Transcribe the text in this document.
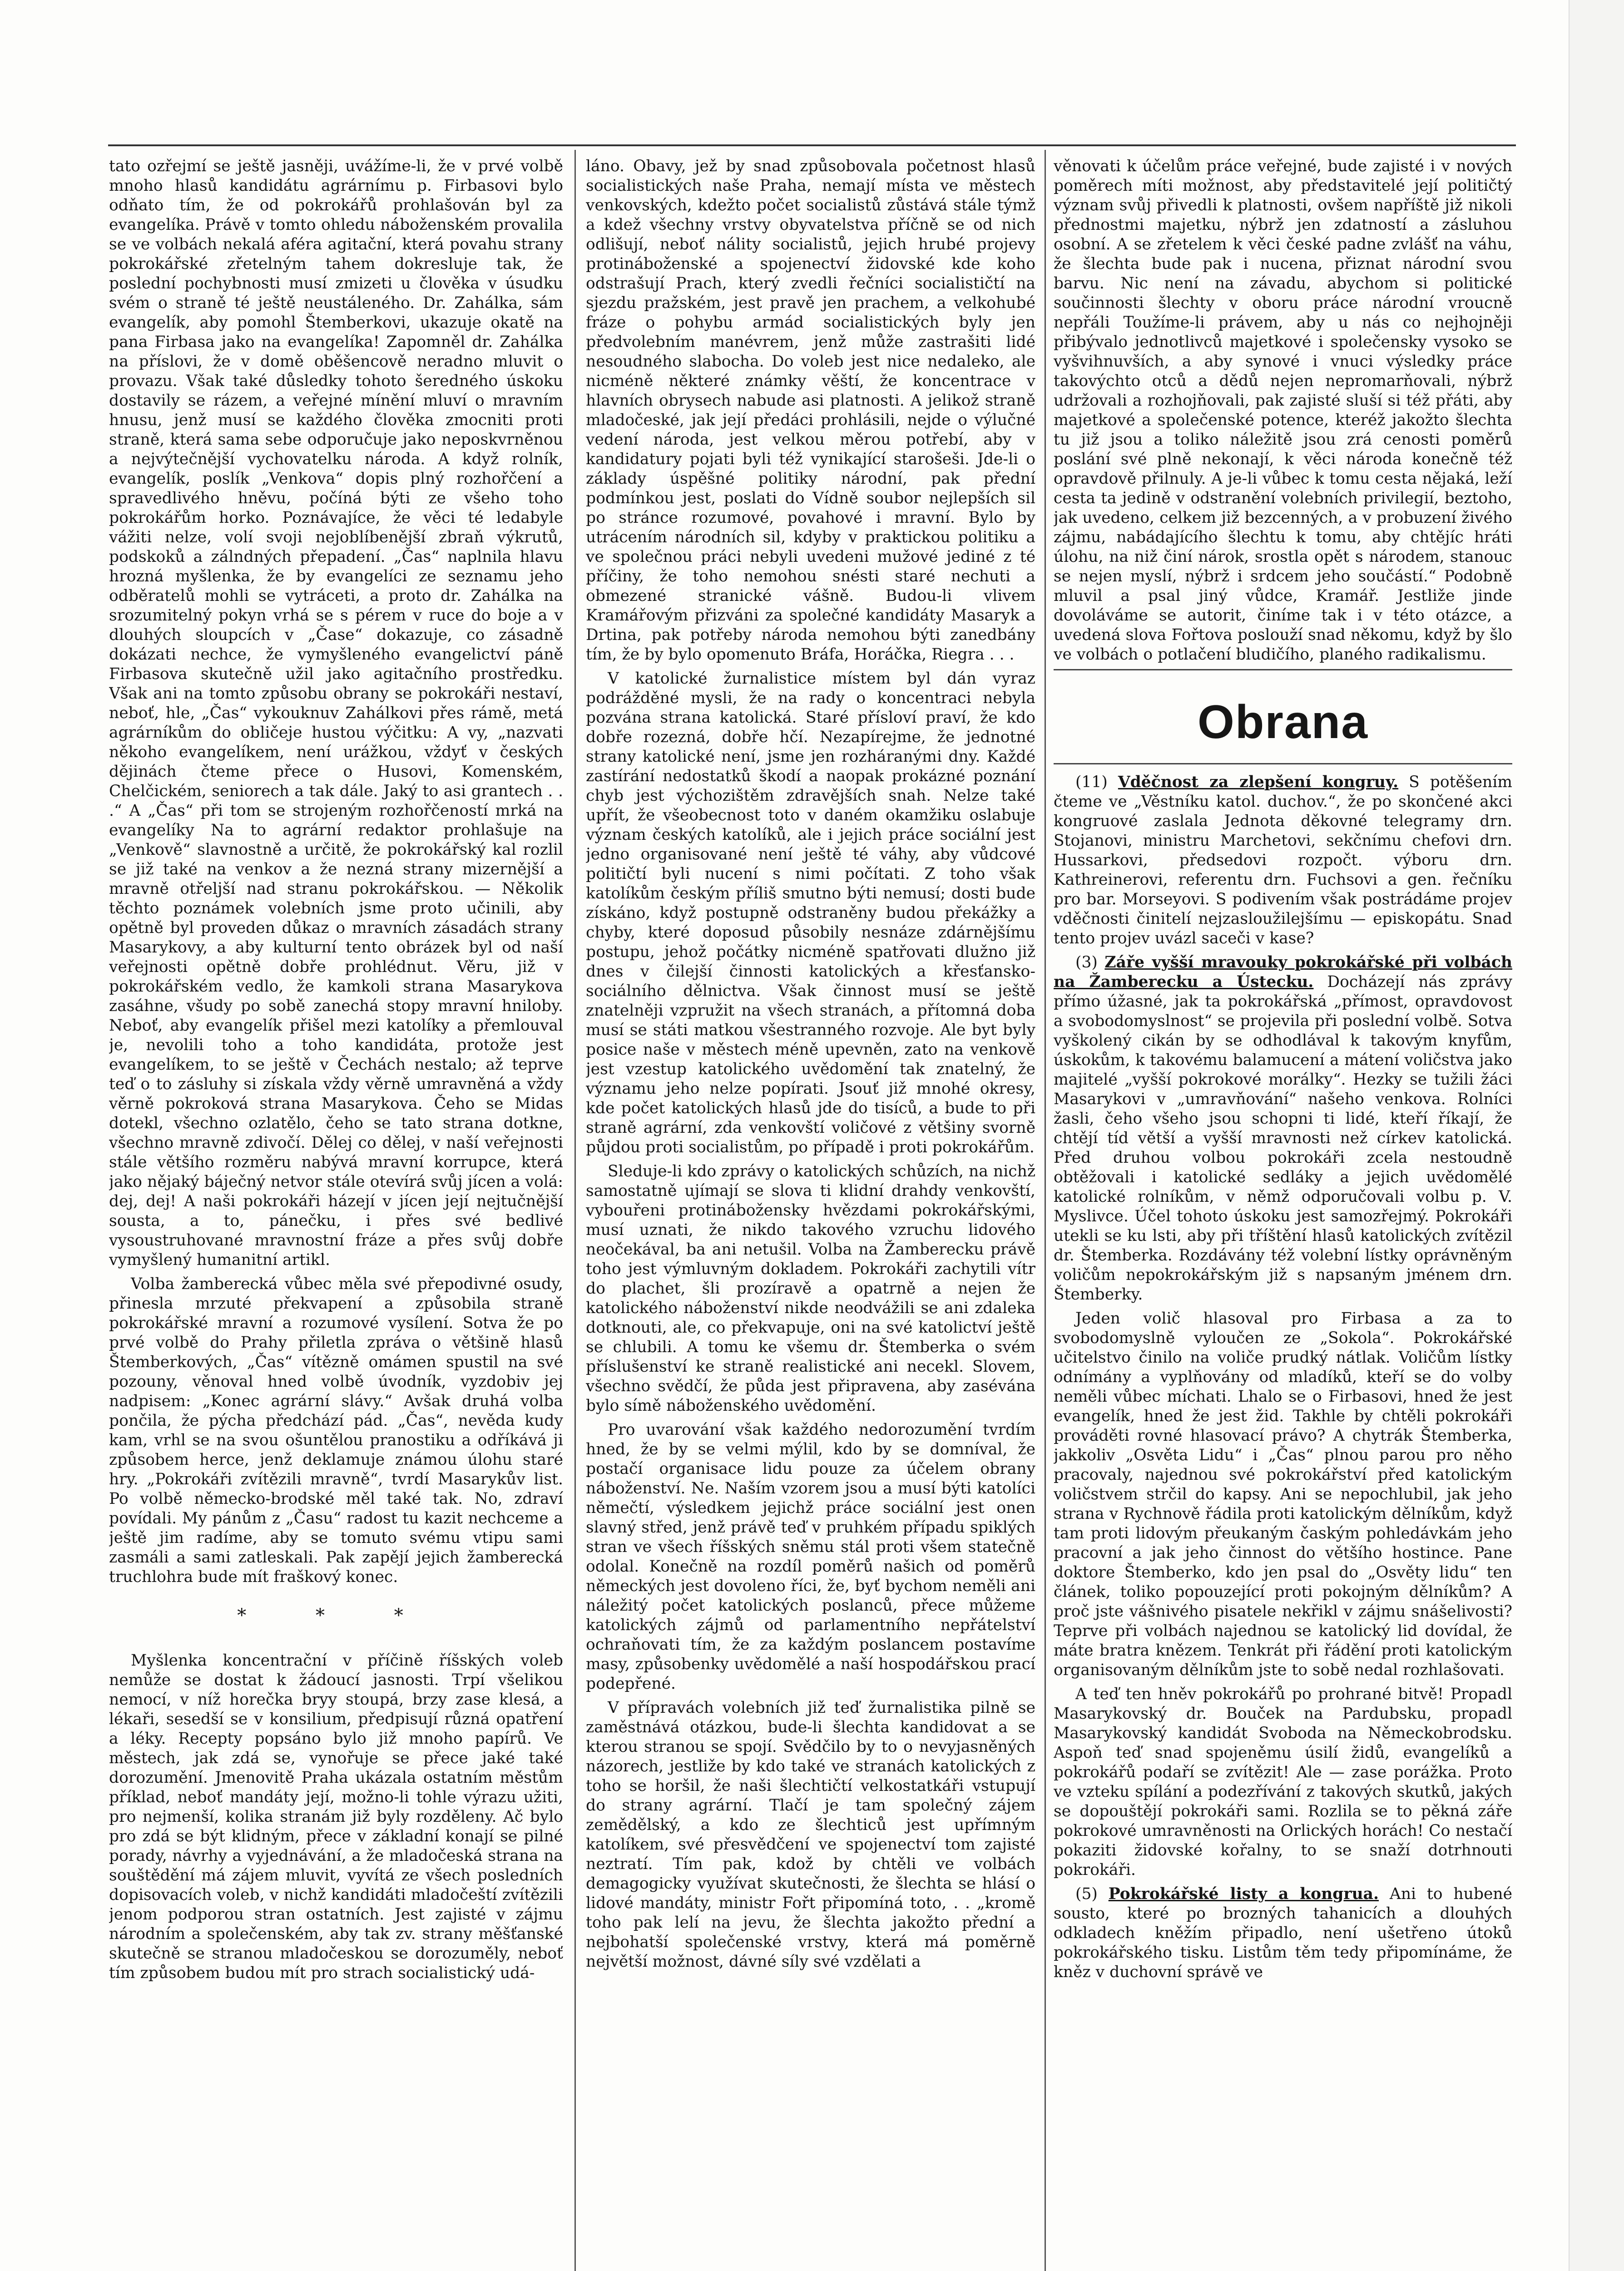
tato ozřejmí se ještě jasněji, uvážíme-li, že v prvé volbě mnoho hlasů kandidátu agrárnímu p. Firbasovi bylo odňato tím, že od pokrokářů prohlašován byl za evangelíka. Právě v tomto ohledu náboženském provalila se ve volbách nekalá aféra agitační, která povahu strany pokrokářské zřetelným tahem dokresluje tak, že poslední pochybnosti musí zmizeti u člověka v úsudku svém o straně té ještě neustáleného. Dr. Zahálka, sám evangelík, aby pomohl Štemberkovi, ukazuje okatě na pana Firbasa jako na evangelíka! Zapomněl dr. Zahálka na příslovi, že v domě oběšencově neradno mluvit o provazu. Však také důsledky tohoto šeredného úskoku dostavily se rázem, a veřejné mínění mluví o mravním hnusu, jenž musí se každého člověka zmocniti proti straně, která sama sebe odporučuje jako neposkvrněnou a nejvýtečnější vychovatelku národa. A když rolník, evangelík, poslík „Venkova“ dopis plný rozhořčení a spravedlivého hněvu, počíná býti ze všeho toho pokrokářům horko. Poznávajíce, že věci té ledabyle vážiti nelze, volí svoji nejoblíbenější zbraň výkrutů, podskoků a zálndných přepadení. „Čas“ naplnila hlavu hrozná myšlenka, že by evangelíci ze seznamu jeho odběratelů mohli se vytráceti, a proto dr. Zahálka na srozumitelný pokyn vrhá se s pérem v ruce do boje a v dlouhých sloupcích v „Čase“ dokazuje, co zásadně dokázati nechce, že vymyšleného evangelictví páně Firbasova skutečně užil jako agitačního prostředku. Však ani na tomto způsobu obrany se pokrokáři nestaví, neboť, hle, „Čas“ vykouknuv Zahálkovi přes rámě, metá agrárníkům do obličeje hustou výčitku: A vy, „nazvati někoho evangelíkem, není urážkou, vždyť v českých dějinách čteme přece o Husovi, Komenském, Chelčickém, seniorech a tak dále. Jaký to asi grantech . . .“ A „Čas“ při tom se strojeným rozhořčeností mrká na evangelíky Na to agrární redaktor prohlašuje na „Venkově“ slavnostně a určitě, že pokrokářský kal rozlil se již také na venkov a že nezná strany mizernější a mravně otřeljší nad stranu pokrokářskou. — Několik těchto poznámek volebních jsme proto učinili, aby opětně byl proveden důkaz o mravních zásadách strany Masarykovy, a aby kulturní tento obrázek byl od naší veřejnosti opětně dobře prohlédnut. Věru, již v pokrokářském vedlo, že kamkoli strana Masarykova zasáhne, všudy po sobě zanechá stopy mravní hniloby. Neboť, aby evangelík přišel mezi katolíky a přemlouval je, nevolili toho a toho kandidáta, protože jest evangelíkem, to se ještě v Čechách nestalo; až teprve teď o to zásluhy si získala vždy věrně umravněná a vždy věrně pokroková strana Masarykova. Čeho se Midas dotekl, všechno ozlatělo, čeho se tato strana dotkne, všechno mravně zdivočí. Dělej co dělej, v naší veřejnosti stále většího rozměru nabývá mravní korrupce, která jako nějaký báječný netvor stále otevírá svůj jícen a volá: dej, dej! A naši pokrokáři házejí v jícen její nejtučnější sousta, a to, pánečku, i přes své bedlivé vysoustruhované mravnostní fráze a přes svůj dobře vymyšlený humanitní artikl.

Volba žamberecká vůbec měla své přepodivné osudy, přinesla mrzuté překvapení a způsobila straně pokrokářské mravní a rozumové vysílení. Sotva že po prvé volbě do Prahy přiletla zpráva o většině hlasů Štemberkových, „Čas“ vítězně omámen spustil na své pozouny, věnoval hned volbě úvodník, vyzdobiv jej nadpisem: „Konec agrární slávy.“ Avšak druhá volba pončila, že pýcha předchází pád. „Čas“, nevěda kudy kam, vrhl se na svou ošuntělou pranostiku a odříkává ji způsobem herce, jenž deklamuje známou úlohu staré hry. „Pokrokáři zvítězili mravně“, tvrdí Masarykův list. Po volbě německo-brodské měl také tak. No, zdraví povídali. My pánům z „Času“ radost tu kazit nechceme a ještě jim radíme, aby se tomuto svému vtipu sami zasmáli a sami zatleskali. Pak zapějí jejich žamberecká truchlohra bude mít fraškový konec.

* * *

Myšlenka koncentrační v příčině říšských voleb nemůže se dostat k žádoucí jasnosti. Trpí všelikou nemocí, v níž horečka bryy stoupá, brzy zase klesá, a lékaři, sesedší se v konsilium, předpisují různá opatření a léky. Recepty popsáno bylo již mnoho papírů. Ve městech, jak zdá se, vynořuje se přece jaké také dorozumění. Jmenovitě Praha ukázala ostatním městům příklad, neboť mandáty její, možno-li tohle výrazu užiti, pro nejmenší, kolika stranám již byly rozděleny. Ač bylo pro zdá se být klidným, přece v základní konají se pilné porady, návrhy a vyjednávání, a že mladočeská strana na souštědění má zájem mluvit, vyvítá ze všech posledních dopisovacích voleb, v nichž kandidáti mladočeští zvítězili jenom podporou stran ostatních. Jest zajisté v zájmu národním a společenském, aby tak zv. strany měšťanské skutečně se stranou mladočeskou se dorozuměly, neboť tím způsobem budou mít pro strach socialistický udá-

láno. Obavy, jež by snad způsobovala početnost hlasů socialistických naše Praha, nemají místa ve městech venkovských, kdežto počet socialistů zůstává stále týmž a kdež všechny vrstvy obyvatelstva příčně se od nich odlišují, neboť nálity socialistů, jejich hrubé projevy protináboženské a spojenectví židovské kde koho odstrašují Prach, který zvedli řečníci socialističtí na sjezdu pražském, jest pravě jen prachem, a velkohubé fráze o pohybu armád socialistických byly jen předvolebním manévrem, jenž může zastrašiti lidé nesoudného slabocha. Do voleb jest nice nedaleko, ale nicméně některé známky věští, že koncentrace v hlavních obrysech nabude asi platnosti. A jelikož straně mladočeské, jak její předáci prohlásili, nejde o výlučné vedení národa, jest velkou měrou potřebí, aby v kandidatury pojati byli též vynikající starošeši. Jde-li o základy úspěšné politiky národní, pak přední podmínkou jest, poslati do Vídně soubor nejlepších sil po stránce rozumové, povahové i mravní. Bylo by utrácením národních sil, kdyby v praktickou politiku a ve společnou práci nebyli uvedeni mužové jediné z té příčiny, že toho nemohou snésti staré nechuti a obmezené stranické vášně. Budou-li vlivem Kramářovým přizváni za společné kandidáty Masaryk a Drtina, pak potřeby národa nemohou býti zanedbány tím, že by bylo opomenuto Bráfa, Horáčka, Riegra . . .

V katolické žurnalistice místem byl dán vyraz podrážděné mysli, že na rady o koncentraci nebyla pozvána strana katolická. Staré přísloví praví, že kdo dobře rozezná, dobře hčí. Nezapírejme, že jednotné strany katolické není, jsme jen rozháranými dny. Každé zastírání nedostatků škodí a naopak prokázné poznání chyb jest výchozištěm zdravějších snah. Nelze také upřít, že všeobecnost toto v daném okamžiku oslabuje význam českých katolíků, ale i jejich práce sociální jest jedno organisované není ještě té váhy, aby vůdcové političtí byli nucení s nimi počítati. Z toho však katolíkům českým příliš smutno býti nemusí; dosti bude získáno, když postupně odstraněny budou překážky a chyby, které doposud působily nesnáze zdárnějšímu postupu, jehož počátky nicméně spatřovati dlužno již dnes v čilejší činnosti katolických a křesťansko-sociálního dělnictva. Však činnost musí se ještě znatelněji vzpružit na všech stranách, a přítomná doba musí se státi matkou všestranného rozvoje. Ale byt byly posice naše v městech méně upevněn, zato na venkově jest vzestup katolického uvědomění tak znatelný, že významu jeho nelze popírati. Jsouť již mnohé okresy, kde počet katolických hlasů jde do tisíců, a bude to při straně agrární, zda venkovští voličové z většiny svorně půjdou proti socialistům, po případě i proti pokrokářům.

Sleduje-li kdo zprávy o katolických schůzích, na nichž samostatně ujímají se slova ti klidní drahdy venkovští, vybouřeni protinábožensky hvězdami pokrokářskými, musí uznati, že nikdo takového vzruchu lidového neočekával, ba ani netušil. Volba na Žamberecku právě toho jest výmluvným dokladem. Pokrokáři zachytili vítr do plachet, šli prozíravě a opatrně a nejen že katolického náboženství nikde neodvážili se ani zdaleka dotknouti, ale, co překvapuje, oni na své katolictví ještě se chlubili. A tomu ke všemu dr. Štemberka o svém příslušenství ke straně realistické ani necekl. Slovem, všechno svědčí, že půda jest připravena, aby zasévána bylo símě náboženského uvědomění.

Pro uvarování však každého nedorozumění tvrdím hned, že by se velmi mýlil, kdo by se domníval, že postačí organisace lidu pouze za účelem obrany náboženství. Ne. Naším vzorem jsou a musí býti katolíci němečtí, výsledkem jejichž práce sociální jest onen slavný střed, jenž právě teď v pruhkém případu spiklých stran ve všech říšských sněmu stál proti všem statečně odolal. Konečně na rozdíl poměrů našich od poměrů německých jest dovoleno říci, že, byť bychom neměli ani náležitý počet katolických poslanců, přece můžeme katolických zájmů od parlamentního nepřátelství ochraňovati tím, že za každým poslancem postavíme masy, způsobenky uvědomělé a naší hospodářskou prací podepřené.

V přípravách volebních již teď žurnalistika pilně se zaměstnává otázkou, bude-li šlechta kandidovat a se kterou stranou se spojí. Svědčilo by to o nevyjasněných názorech, jestliže by kdo také ve stranách katolických z toho se horšil, že naši šlechtičtí velkostatkáři vstupují do strany agrární. Tlačí je tam společný zájem zemědělský, a kdo ze šlechticů jest upřímným katolíkem, své přesvědčení ve spojenectví tom zajisté neztratí. Tím pak, kdož by chtěli ve volbách demagogicky využívat skutečnosti, že šlechta se hlásí o lidové mandáty, ministr Fořt připomíná toto, . . „kromě toho pak lelí na jevu, že šlechta jakožto přední a nejbohatší společenské vrstvy, která má poměrně největší možnost, dávné síly své vzdělati a

věnovati k účelům práce veřejné, bude zajisté i v nových poměrech míti možnost, aby představitelé její političtý význam svůj přivedli k platnosti, ovšem napříště již nikoli přednostmi majetku, nýbrž jen zdatností a zásluhou osobní. A se zřetelem k věci české padne zvlášť na váhu, že šlechta bude pak i nucena, přiznat národní svou barvu. Nic není na závadu, abychom si politické součinnosti šlechty v oboru práce národní vroucně nepřáli Toužíme-li právem, aby u nás co nejhojněji přibývalo jednotlivců majetkové i společensky vysoko se vyšvihnuvších, a aby synové i vnuci výsledky práce takovýchto otců a dědů nejen nepromarňovali, nýbrž udržovali a rozhojňovali, pak zajisté sluší si též přáti, aby majetkové a společenské potence, kteréž jakožto šlechta tu již jsou a toliko náležitě jsou zrá cenosti poměrů poslání své plně nekonají, k věci národa konečně též opravdově přilnuly. A je-li vůbec k tomu cesta nějaká, leží cesta ta jedině v odstranění volebních privilegií, beztoho, jak uvedeno, celkem již bezcenných, a v probuzení živého zájmu, nabádajícího šlechtu k tomu, aby chtějíc hráti úlohu, na niž činí nárok, srostla opět s národem, stanouc se nejen myslí, nýbrž i srdcem jeho součástí.“ Podobně mluvil a psal jiný vůdce, Kramář. Jestliže jinde dovoláváme se autorit, činíme tak i v této otázce, a uvedená slova Fořtova poslouží snad někomu, když by šlo ve volbách o potlačení bludičího, planého radikalismu.

Obrana

(11) Vděčnost za zlepšení kongruy. S potěšením čteme ve „Věstníku katol. duchov.“, že po skončené akci kongruové zaslala Jednota děkovné telegramy drn. Stojanovi, ministru Marchetovi, sekčnímu chefovi drn. Hussarkovi, předsedovi rozpočt. výboru drn. Kathreinerovi, referentu drn. Fuchsovi a gen. řečníku pro bar. Morseyovi. S podivením však postrádáme projev vděčnosti činitelí nejzasloužilejšímu — episkopátu. Snad tento projev uvázl saceči v kase?

(3) Záře vyšší mravouky pokrokářské při volbách na Žamberecku a Ústecku. Docházejí nás zprávy přímo úžasné, jak ta pokrokářská „přímost, opravdovost a svobodomyslnost“ se projevila při poslední volbě. Sotva vyškolený cikán by se odhodlával k takovým knyfům, úskokům, k takovému balamucení a mátení voličstva jako majitelé „vyšší pokrokové morálky“. Hezky se tužili žáci Masarykovi v „umravňování“ našeho venkova. Rolníci žasli, čeho všeho jsou schopni ti lidé, kteří říkají, že chtějí tíd větší a vyšší mravnosti než církev katolická. Před druhou volbou pokrokáři zcela nestoudně obtěžovali i katolické sedláky a jejich uvědomělé katolické rolníkům, v němž odporučovali volbu p. V. Myslivce. Účel tohoto úskoku jest samozřejmý. Pokrokáři utekli se ku lsti, aby při tříštění hlasů katolických zvítězil dr. Štemberka. Rozdávány též volební lístky oprávněným voličům nepokrokářským již s napsaným jménem drn. Štemberky.

Jeden volič hlasoval pro Firbasa a za to svobodomyslně vyloučen ze „Sokola“. Pokrokářské učitelstvo činilo na voliče prudký nátlak. Voličům lístky odnímány a vyplňovány od mladíků, kteří se do volby neměli vůbec míchati. Lhalo se o Firbasovi, hned že jest evangelík, hned že jest žid. Takhle by chtěli pokrokáři prováděti rovné hlasovací právo? A chytrák Štemberka, jakkoliv „Osvěta Lidu“ i „Čas“ plnou parou pro něho pracovaly, najednou své pokrokářství před katolickým voličstvem strčil do kapsy. Ani se nepochlubil, jak jeho strana v Rychnově řádila proti katolickým dělníkům, když tam proti lidovým přeukaným čaským pohledávkám jeho pracovní a jak jeho činnost do většího hostince. Pane doktore Štemberko, kdo jen psal do „Osvěty lidu“ ten článek, toliko popouzející proti pokojným dělníkům? A proč jste vášnivého pisatele nekřikl v zájmu snášelivosti? Teprve při volbách najednou se katolický lid dovídal, že máte bratra knězem. Tenkrát při řádění proti katolickým organisovaným dělníkům jste to sobě nedal rozhlašovati.

A teď ten hněv pokrokářů po prohrané bitvě! Propadl Masarykovský dr. Bouček na Pardubsku, propadl Masarykovský kandidát Svoboda na Německobrodsku. Aspoň teď snad spojeněmu úsilí židů, evangelíků a pokrokářů podaří se zvítězit! Ale — zase porážka. Proto ve vzteku spílání a podezřívání z takových skutků, jakých se dopouštějí pokrokáři sami. Rozlila se to pěkná záře pokrokové umravněnosti na Orlických horách! Co nestačí pokaziti židovské kořalny, to se snaží dotrhnouti pokrokáři.

(5) Pokrokářské listy a kongrua. Ani to hubené sousto, které po brozných tahanicích a dlouhých odkladech kněžím připadlo, není ušetřeno útoků pokrokářského tisku. Listům těm tedy připomínáme, že kněz v duchovní správě ve
